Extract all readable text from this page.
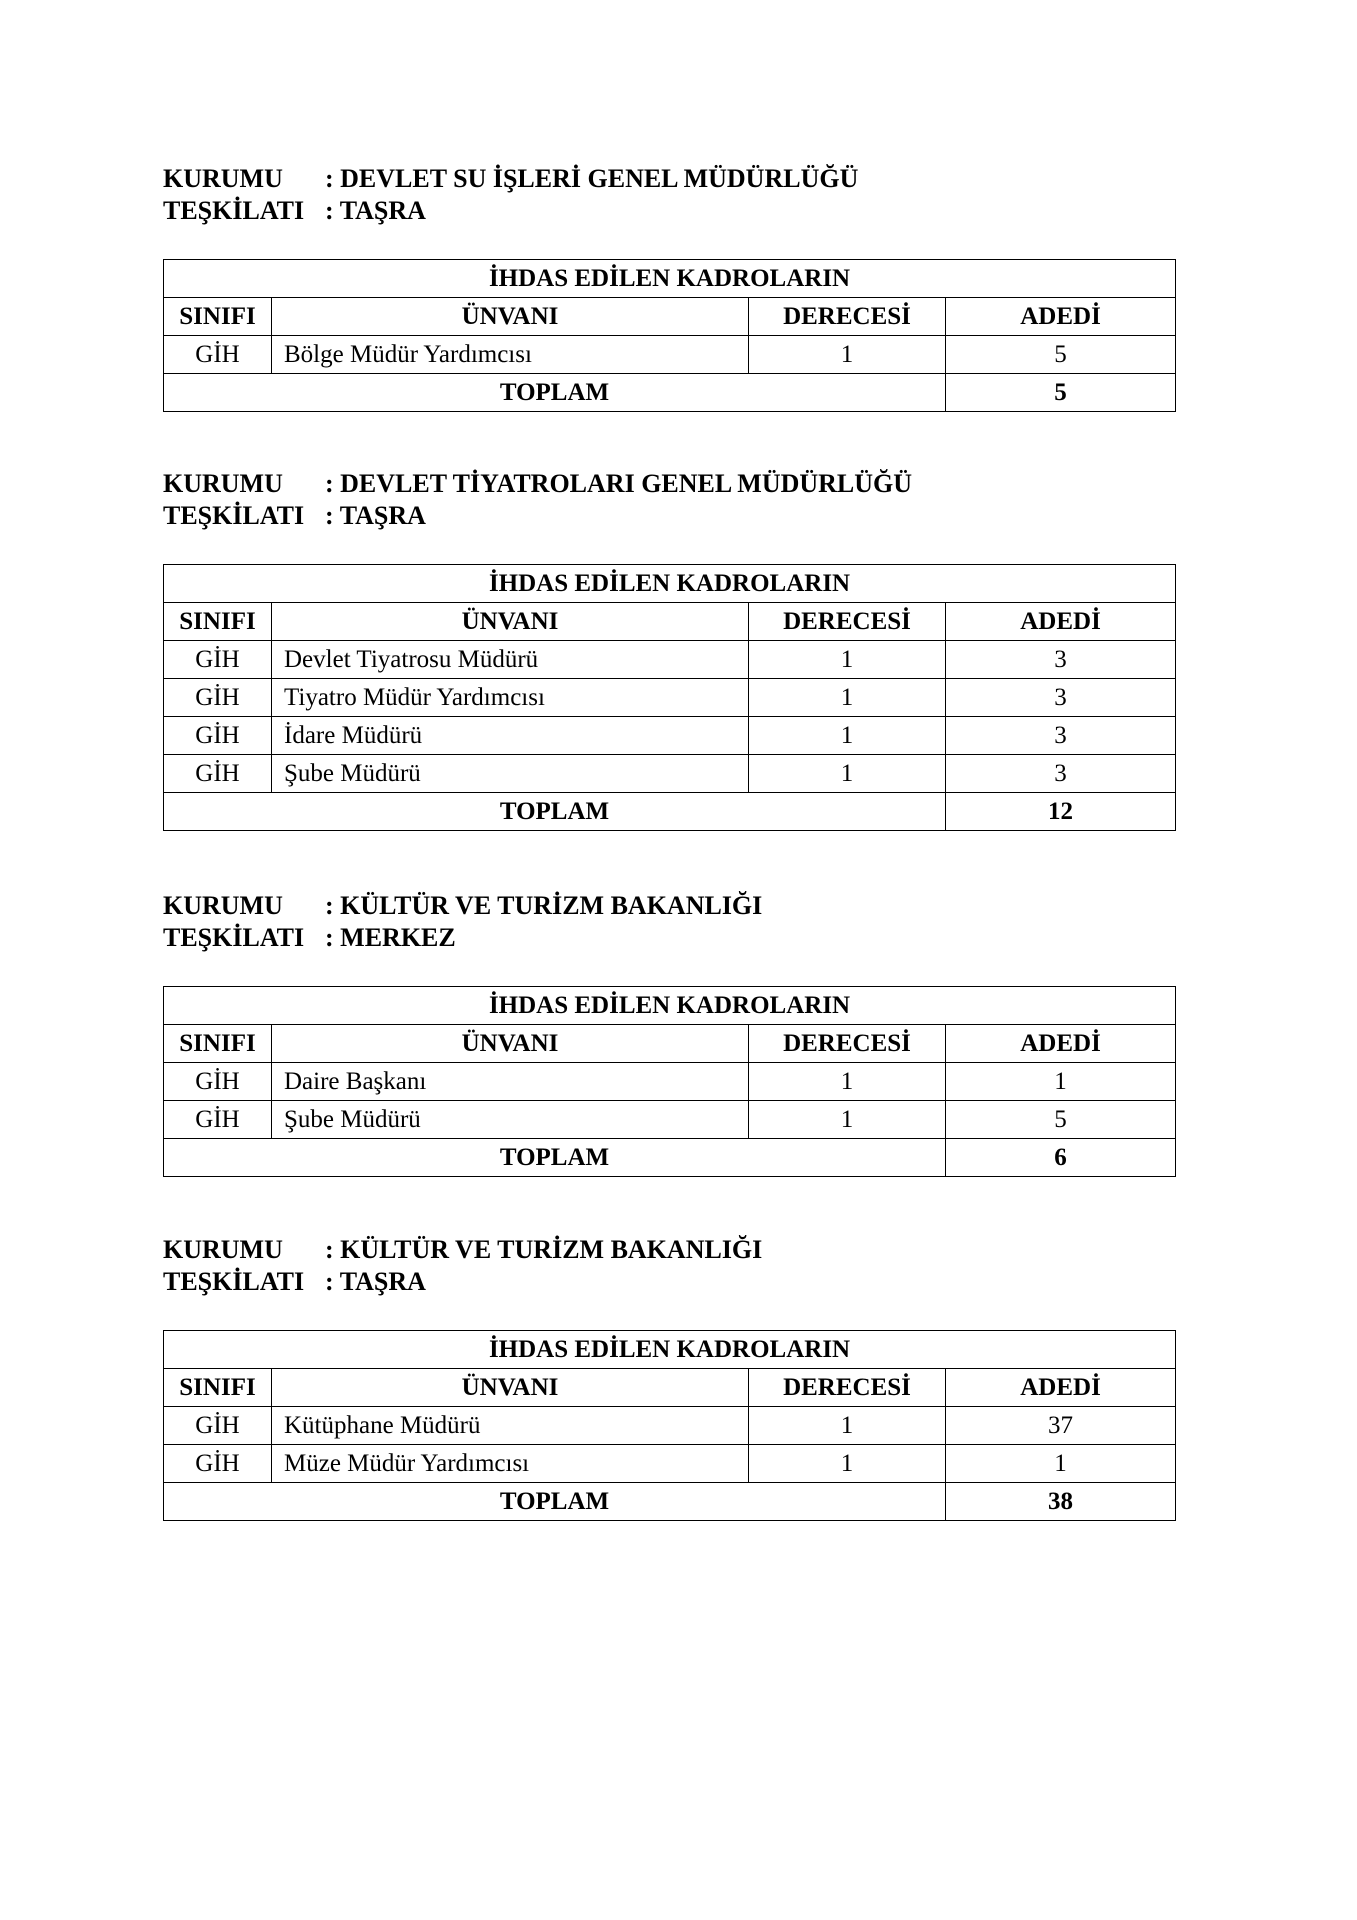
KURUMU : DEVLET SU İŞLERİ GENEL MÜDÜRLÜĞÜ
TEŞKİLATI : TAŞRA
İHDAS EDİLEN KADROLARIN			
SINIFI	ÜNVANI	DERECESİ	ADEDİ
GİH	Bölge Müdür Yardımcısı	1	5
TOPLAM			5
KURUMU : DEVLET TİYATROLARI GENEL MÜDÜRLÜĞÜ
TEŞKİLATI : TAŞRA
İHDAS EDİLEN KADROLARIN			
SINIFI	ÜNVANI	DERECESİ	ADEDİ
GİH	Devlet Tiyatrosu Müdürü	1	3
GİH	Tiyatro Müdür Yardımcısı	1	3
GİH	İdare Müdürü	1	3
GİH	Şube Müdürü	1	3
TOPLAM			12
KURUMU : KÜLTÜR VE TURİZM BAKANLIĞI
TEŞKİLATI : MERKEZ
İHDAS EDİLEN KADROLARIN			
SINIFI	ÜNVANI	DERECESİ	ADEDİ
GİH	Daire Başkanı	1	1
GİH	Şube Müdürü	1	5
TOPLAM			6
KURUMU : KÜLTÜR VE TURİZM BAKANLIĞI
TEŞKİLATI : TAŞRA
İHDAS EDİLEN KADROLARIN			
SINIFI	ÜNVANI	DERECESİ	ADEDİ
GİH	Kütüphane Müdürü	1	37
GİH	Müze Müdür Yardımcısı	1	1
TOPLAM			38
